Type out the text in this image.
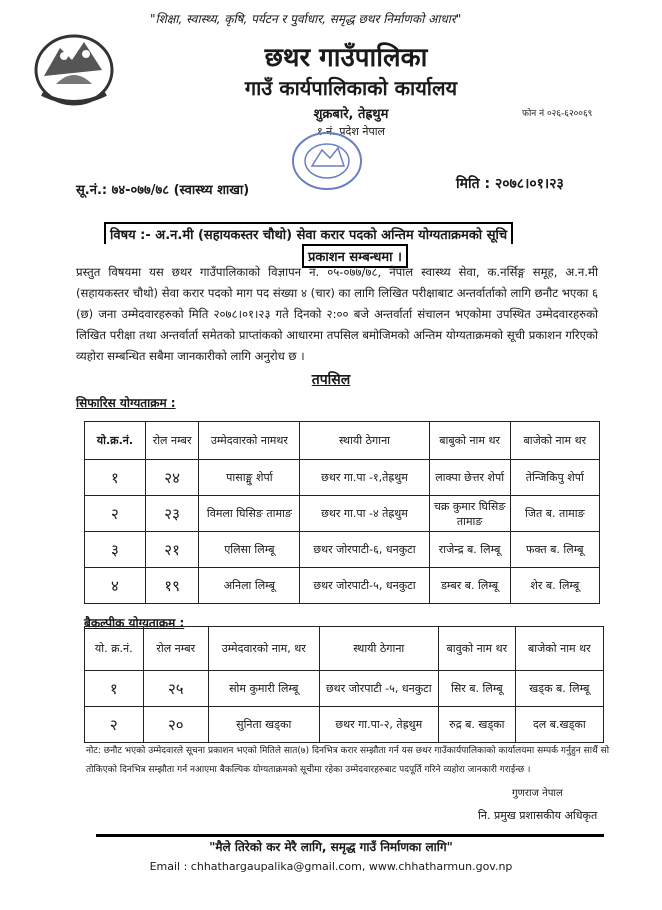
"शिक्षा, स्वास्थ्य, कृषि, पर्यटन र पुर्वाधार, समृद्ध छथर निर्माणको आधार"
छथर गाउँपालिका
गाउँ कार्यपालिकाको कार्यालय
शुक्रबारे, तेह्रथुम
१ नं. प्रदेश नेपाल
फोन नं ०२६-६२००६९
सू.नं.: ७४-०७७/७८ (स्वास्थ्य शाखा)	मिति : २०७८।०१।२३
विषय :- अ.न.मी (सहायकस्तर चौथो) सेवा करार पदको अन्तिम योग्यताक्रमको सूचि
प्रकाशन सम्बन्धमा ।
प्रस्तुत विषयमा यस छथर गाउँपालिकाको विज्ञापन नं. ०५-०७७/७८, नेपाल स्वास्थ्य सेवा, क.नर्सिङ्ग समूह, अ.न.मी (सहायकस्तर चौथो) सेवा करार पदको माग पद संख्या ४ (चार) का लागि लिखित परीक्षाबाट अन्तर्वार्ताको लागि छनौट भएका ६ (छ) जना उम्मेदवारहरुको मिति २०७८।०१।२३ गते दिनको २:०० बजे अन्तर्वार्ता संचालन भएकोमा उपस्थित उम्मेदवारहरुको लिखित परीक्षा तथा अन्तर्वार्ता समेतको प्राप्तांकको आधारमा तपसिल बमोजिमको अन्तिम योग्यताक्रमको सूची प्रकाशन गरिएको व्यहोरा सम्बन्धित सबैमा जानकारीको लागि अनुरोध छ ।
तपसिल
सिफारिस योग्यताक्रम :
यो.क्र.नं.	रोल नम्बर	उम्मेदवारको नामथर	स्थायी ठेगाना	बाबुको नाम थर	बाजेको नाम थर
१	२४	पासाङ्मु शेर्पा	छथर गा.पा -१,तेह्रथुम	लाक्पा छेत्तर शेर्पा	तेन्जिकिपु शेर्पा
२	२३	विमला घिसिङ तामाङ	छथर गा.पा -४ तेह्रथुम	चक्र कुमार घिसिङ तामाङ	जित ब. तामाङ
३	२१	एलिसा लिम्बू	छथर जोरपाटी-६, धनकुटा	राजेन्द्र ब. लिम्बू	फक्त ब. लिम्बू
४	१९	अनिला लिम्बू	छथर जोरपाटी-५, धनकुटा	डम्बर ब. लिम्बू	शेर ब. लिम्बू
बैकल्पीक योग्यताक्रम :
यो. क्र.नं.	रोल नम्बर	उम्मेदवारको नाम, थर	स्थायी ठेगाना	बावुको नाम थर	बाजेको नाम थर
१	२५	सोम कुमारी लिम्बू	छथर जोरपाटी -५, धनकुटा	सिर ब. लिम्बू	खड्क ब. लिम्बू
२	२०	सुनिता खड्का	छथर गा.पा-२, तेह्रथुम	रुद्र ब. खड्का	दल ब.खड्का
नोट: छनौट भएको उम्मेदवारले सूचना प्रकाशन भएको मितिले सात(७) दिनभित्र करार सम्झौता गर्न यस छथर गाउँकार्यपालिकाको कार्यालयमा सम्पर्क गर्नुहुन सार्थै सो तोकिएको दिनभित्र सम्झौता गर्न नआएमा बैकल्पिक योग्यताक्रमको सूचीमा रहेका उम्मेदवारहरुबाट पदपूर्ति गरिने व्यहोरा जानकारी गराईन्छ ।
गुणराज नेपाल
नि. प्रमुख प्रशासकीय अधिकृत
"मैले तिरेको कर मेरै लागि, समृद्ध गाउँ निर्माणका लागि"
Email : chhathargaupalika@gmail.com, www.chhatharmun.gov.np
